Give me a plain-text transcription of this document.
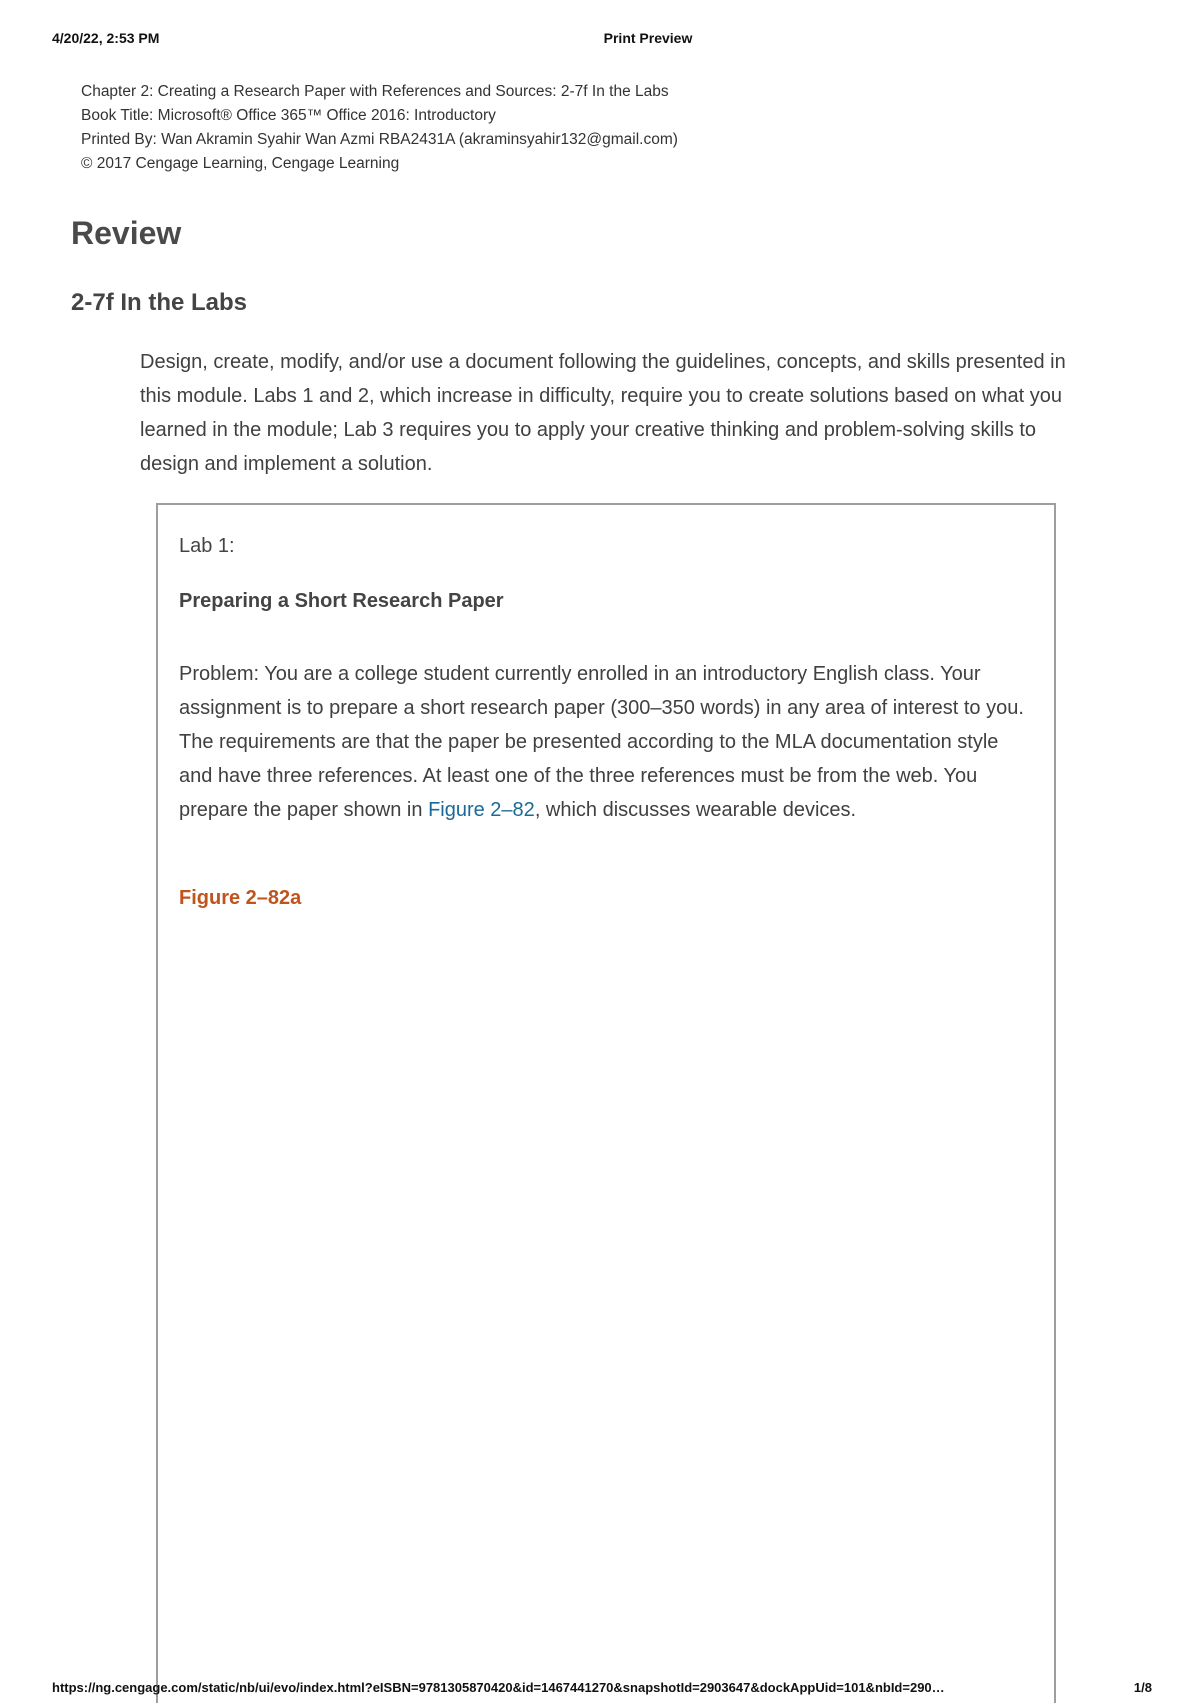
4/20/22, 2:53 PM	Print Preview
Chapter 2: Creating a Research Paper with References and Sources: 2-7f In the Labs
Book Title: Microsoft® Office 365™ Office 2016: Introductory
Printed By: Wan Akramin Syahir Wan Azmi RBA2431A (akraminsyahir132@gmail.com)
© 2017 Cengage Learning, Cengage Learning
Review
2-7f In the Labs

Design, create, modify, and/or use a document following the guidelines, concepts, and skills presented in this module. Labs 1 and 2, which increase in difficulty, require you to create solutions based on what you learned in the module; Lab 3 requires you to apply your creative thinking and problem-solving skills to design and implement a solution.

Lab 1:
Preparing a Short Research Paper

Problem: You are a college student currently enrolled in an introductory English class. Your assignment is to prepare a short research paper (300–350 words) in any area of interest to you. The requirements are that the paper be presented according to the MLA documentation style and have three references. At least one of the three references must be from the web. You prepare the paper shown in Figure 2–82, which discusses wearable devices.

Figure 2–82a
https://ng.cengage.com/static/nb/ui/evo/index.html?eISBN=9781305870420&id=1467441270&snapshotId=2903647&dockAppUid=101&nbId=290…	1/8
